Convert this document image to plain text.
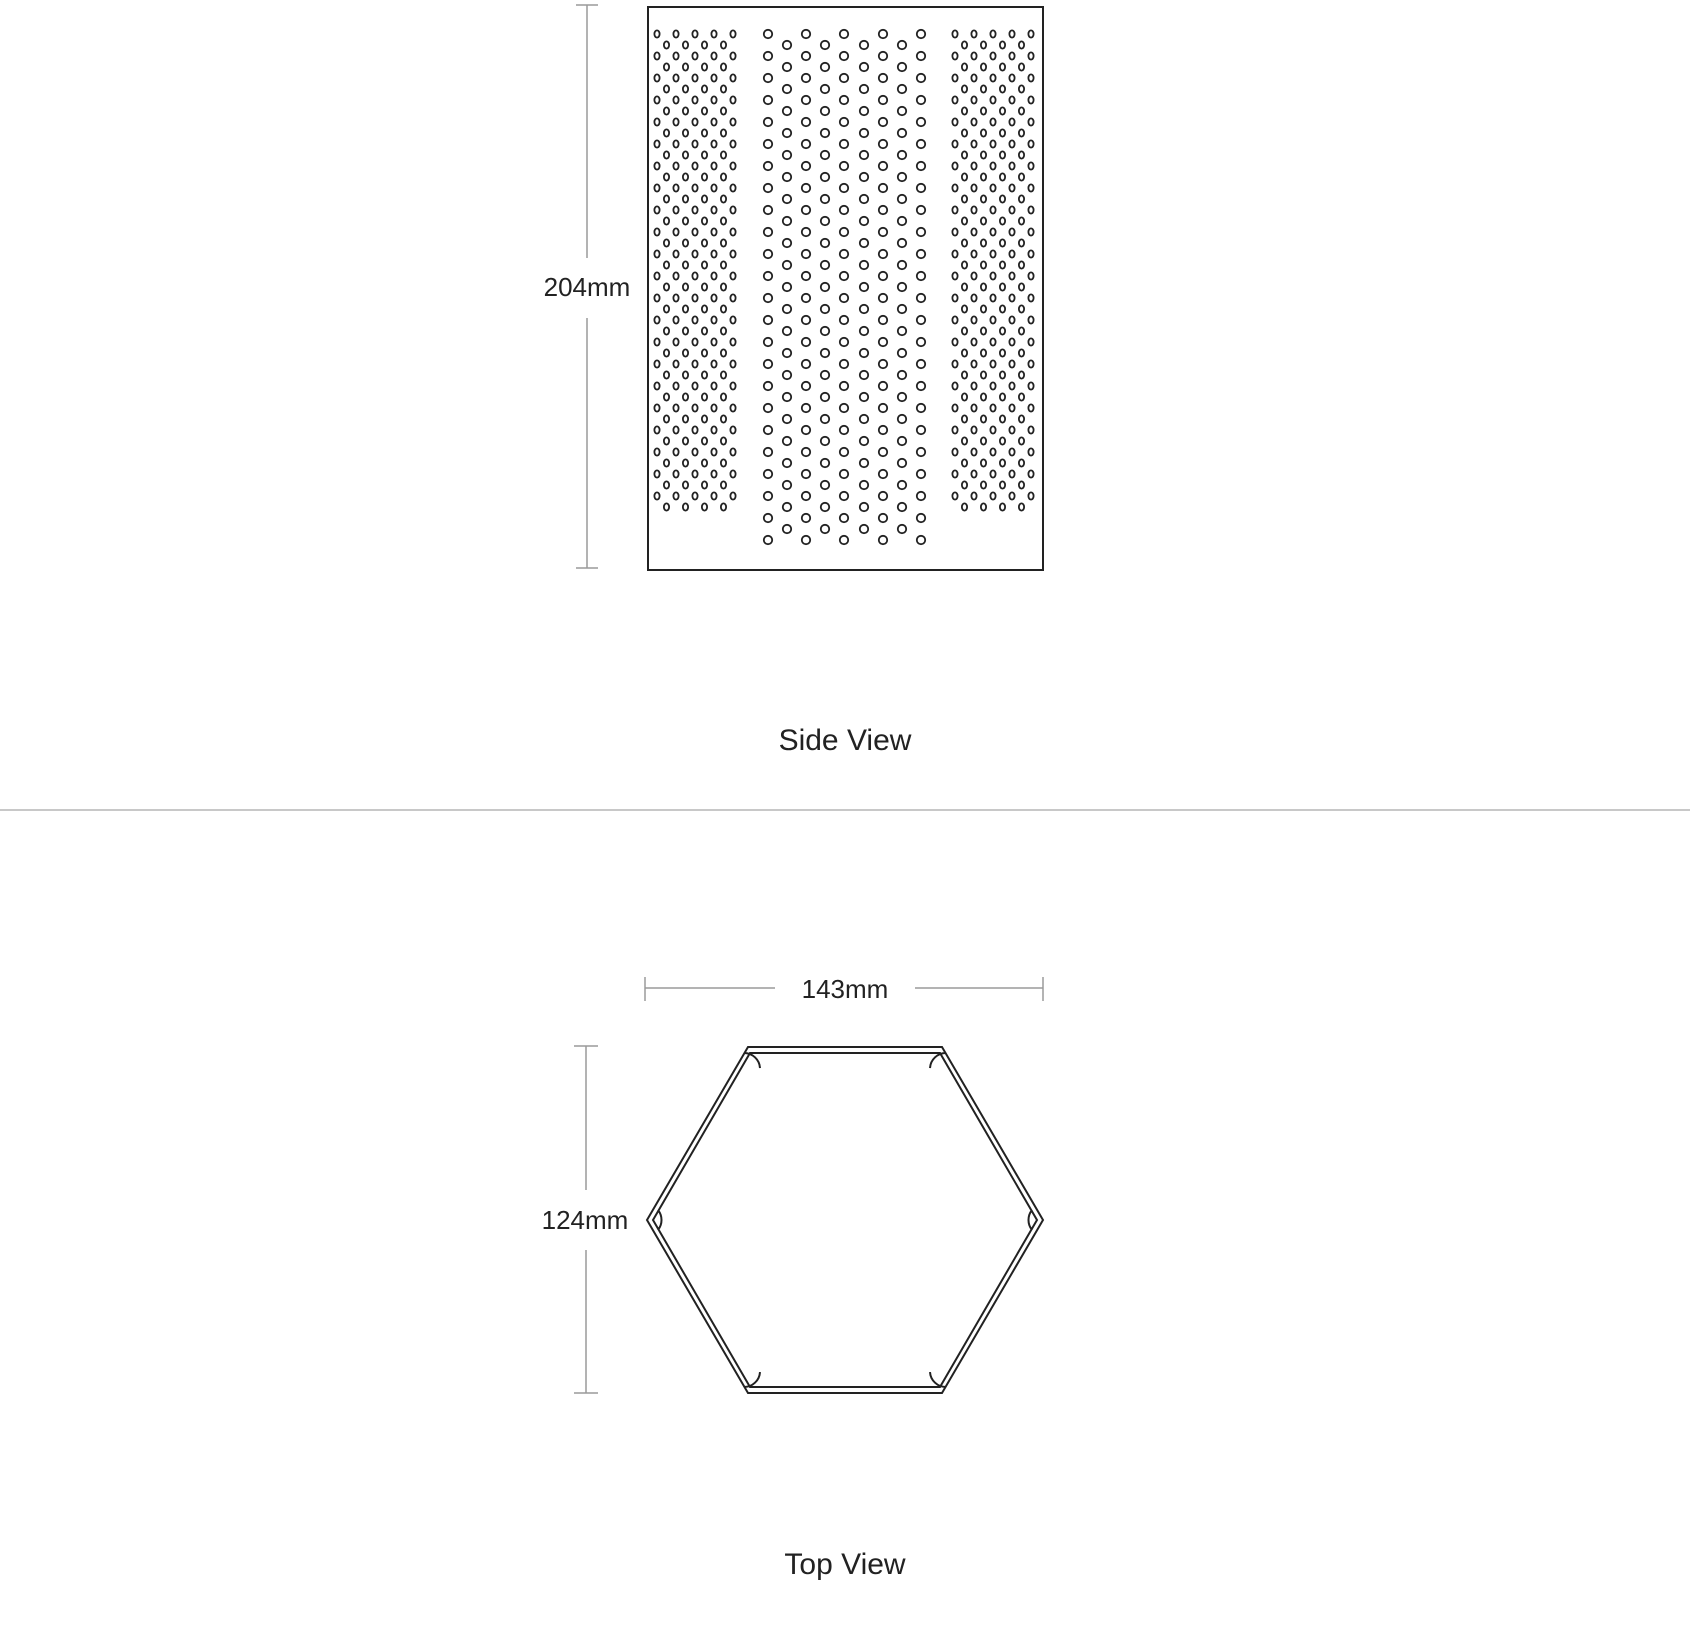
204mm
Side View
143mm
124mm
Top View
